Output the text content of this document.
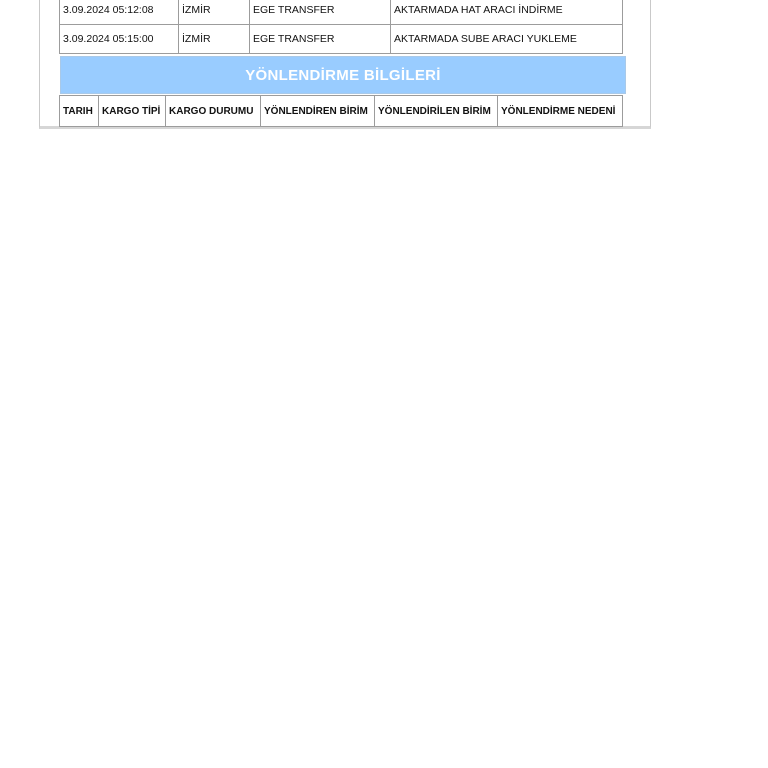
3.09.2024 05:12:08	İZMİR	EGE TRANSFER	AKTARMADA HAT ARACI İNDİRME
3.09.2024 05:15:00	İZMİR	EGE TRANSFER	AKTARMADA SUBE ARACI YUKLEME
YÖNLENDİRME BİLGİLERİ
TARIH	KARGO TİPİ	KARGO DURUMU	YÖNLENDİREN BİRİM	YÖNLENDİRİLEN BİRİM	YÖNLENDİRME NEDENİ
